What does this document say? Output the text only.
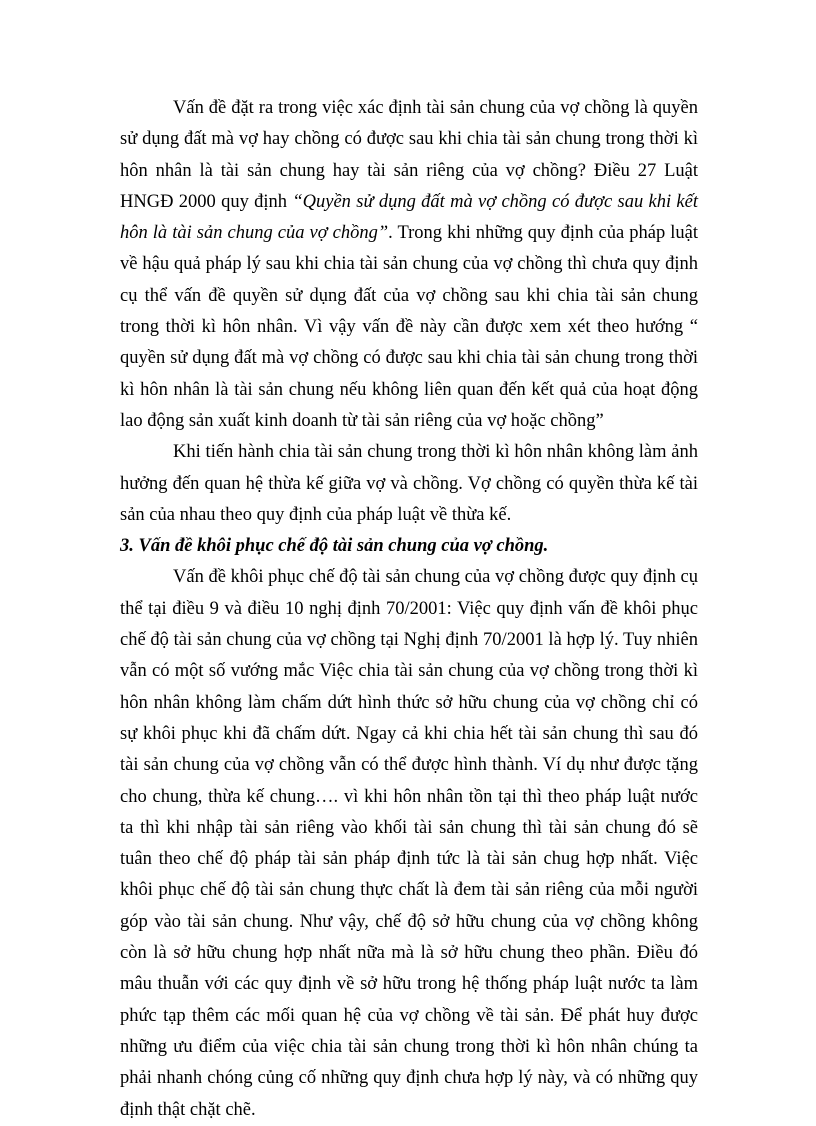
Vấn đề đặt ra trong việc xác định tài sản chung của vợ chồng là quyền sử dụng đất mà vợ hay chồng có được sau khi chia tài sản chung trong thời kì hôn nhân là tài sản chung hay tài sản riêng của vợ chồng? Điều 27 Luật HNGĐ 2000 quy định “Quyền sử dụng đất mà vợ chồng có được sau khi kết hôn là tài sản chung của vợ chồng”. Trong khi những quy định của pháp luật về hậu quả pháp lý sau khi chia tài sản chung của vợ chồng thì chưa quy định cụ thể vấn đề quyền sử dụng đất của vợ chồng sau khi chia tài sản chung trong thời kì hôn nhân. Vì vậy vấn đề này cần được xem xét theo hướng “ quyền sử dụng đất mà vợ chồng có được sau khi chia tài sản chung trong thời kì hôn nhân là tài sản chung nếu không liên quan đến kết quả của hoạt động lao động sản xuất kinh doanh từ tài sản riêng của vợ hoặc chồng”

Khi tiến hành chia tài sản chung trong thời kì hôn nhân không làm ảnh hưởng đến quan hệ thừa kế giữa vợ và chồng. Vợ chồng có quyền thừa kế tài sản của nhau theo quy định của pháp luật về thừa kế.

3. Vấn đề khôi phục chế độ tài sản chung của vợ chồng.

Vấn đề khôi phục chế độ tài sản chung của vợ chồng được quy định cụ thể tại điều 9 và điều 10 nghị định 70/2001: Việc quy định vấn đề khôi phục chế độ tài sản chung của vợ chồng tại Nghị định 70/2001 là hợp lý. Tuy nhiên vẫn có một số vướng mắc Việc chia tài sản chung của vợ chồng trong thời kì hôn nhân không làm chấm dứt hình thức sở hữu chung của vợ chồng chỉ có sự khôi phục khi đã chấm dứt. Ngay cả khi chia hết tài sản chung thì sau đó tài sản chung của vợ chồng vẫn có thể được hình thành. Ví dụ như được tặng cho chung, thừa kế chung…. vì khi hôn nhân tồn tại thì theo pháp luật nước ta thì khi nhập tài sản riêng vào khối tài sản chung thì tài sản chung đó sẽ tuân theo chế độ pháp tài sản pháp định tức là tài sản chug hợp nhất. Việc khôi phục chế độ tài sản chung thực chất là đem tài sản riêng của mỗi người góp vào tài sản chung. Như vậy, chế độ sở hữu chung của vợ chồng không còn là sở hữu chung hợp nhất nữa mà là sở hữu chung theo phần. Điều đó mâu thuẫn với các quy định về sở hữu trong hệ thống pháp luật nước ta làm phức tạp thêm các mối quan hệ của vợ chồng về tài sản. Để phát huy được những ưu điểm của việc chia tài sản chung trong thời kì hôn nhân chúng ta phải nhanh chóng củng cố những quy định chưa hợp lý này, và có những quy định thật chặt chẽ.
